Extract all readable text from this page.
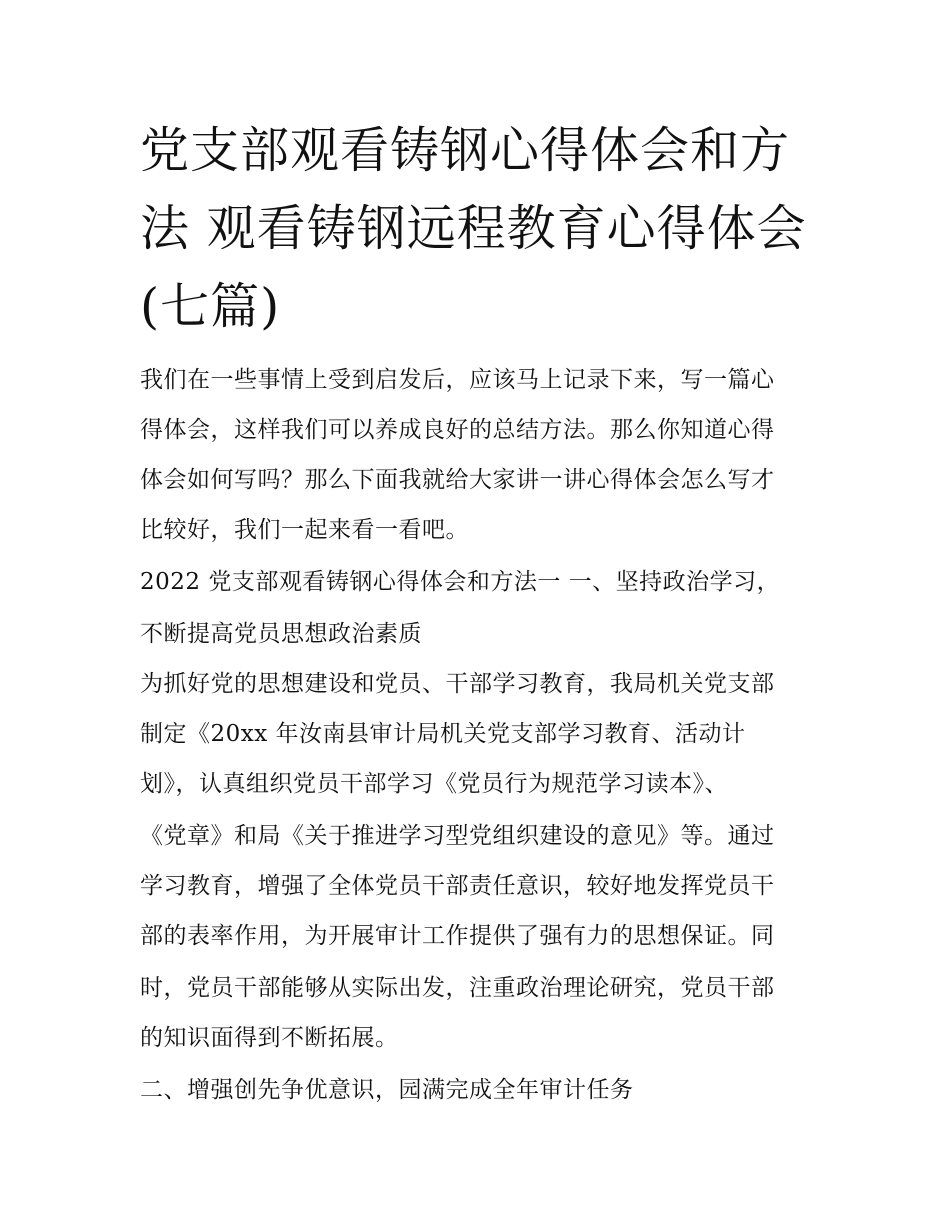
党支部观看铸钢心得体会和方
法 观看铸钢远程教育心得体会
(七篇)
我们在一些事情上受到启发后，应该马上记录下来，写一篇心
得体会，这样我们可以养成良好的总结方法。那么你知道心得
体会如何写吗？那么下面我就给大家讲一讲心得体会怎么写才
比较好，我们一起来看一看吧。
2022 党支部观看铸钢心得体会和方法一 一、坚持政治学习，
不断提高党员思想政治素质
为抓好党的思想建设和党员、干部学习教育，我局机关党支部
制定《20xx 年汝南县审计局机关党支部学习教育、活动计
划》，认真组织党员干部学习《党员行为规范学习读本》、
《党章》和局《关于推进学习型党组织建设的意见》等。通过
学习教育，增强了全体党员干部责任意识，较好地发挥党员干
部的表率作用，为开展审计工作提供了强有力的思想保证。同
时，党员干部能够从实际出发，注重政治理论研究，党员干部
的知识面得到不断拓展。
二、增强创先争优意识，园满完成全年审计任务
